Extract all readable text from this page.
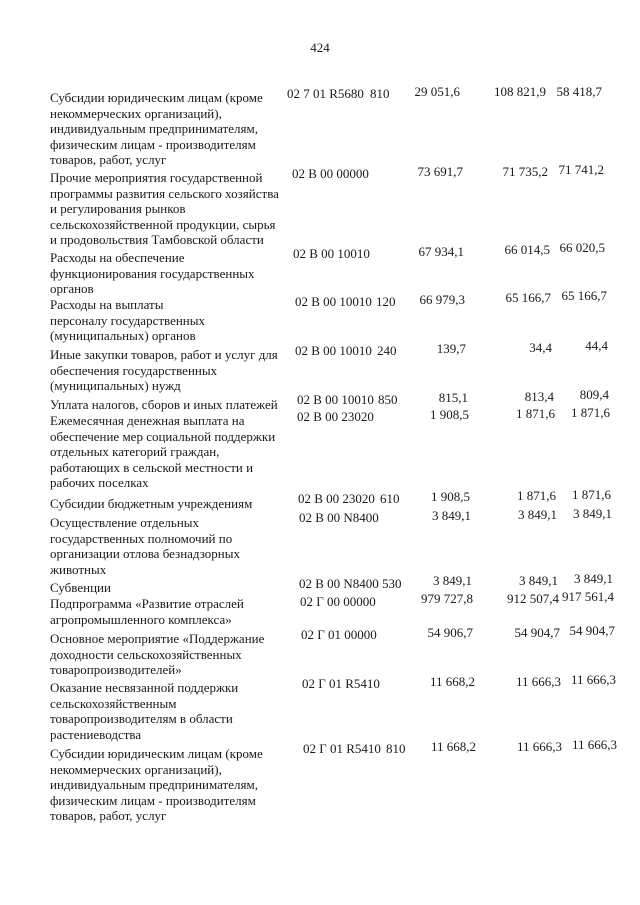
424
Субсидии юридическим лицам (кроме
некоммерческих организаций),
индивидуальным предпринимателям,
физическим лицам - производителям
товаров, работ, услуг
02 7 01 R5680 810	29 051,6	108 821,9 58 418,7
Прочие мероприятия государственной
программы развития сельского хозяйства
и регулирования рынков
сельскохозяйственной продукции, сырья
и продовольствия Тамбовской области
02 В 00 00000	73 691,7	71 735,2 71 741,2
Расходы на обеспечение
функционирования государственных
органов
02 В 00 10010	67 934,1	66 014,5 66 020,5
Расходы на выплаты
персоналу государственных
(муниципальных) органов
02 В 00 10010 120	66 979,3	65 166,7 65 166,7
Иные закупки товаров, работ и услуг для
обеспечения государственных
(муниципальных) нужд
02 В 00 10010 240	139,7	34,4	44,4
Уплата налогов, сборов и иных платежей	02 В 00 10010 850	815,1	813,4	809,4
Ежемесячная денежная выплата на
обеспечение мер социальной поддержки
отдельных категорий граждан,
работающих в сельской местности и
рабочих поселках
02 В 00 23020	1 908,5	1 871,6	1 871,6
Субсидии бюджетным учреждениям	02 В 00 23020 610	1 908,5	1 871,6	1 871,6
Осуществление отдельных
государственных полномочий по
организации отлова безнадзорных
животных
02 В 00 N8400	3 849,1	3 849,1	3 849,1
Субвенции	02 В 00 N8400 530	3 849,1	3 849,1	3 849,1
Подпрограмма «Развитие отраслей
агропромышленного комплекса»
02 Г 00 00000	979 727,8	912 507,4 917 561,4
Основное мероприятие «Поддержание
доходности сельскохозяйственных
товаропроизводителей»
02 Г 01 00000	54 906,7	54 904,7 54 904,7
Оказание несвязанной поддержки
сельскохозяйственным
товаропроизводителям в области
растениеводства
02 Г 01 R5410	11 668,2	11 666,3 11 666,3
Субсидии юридическим лицам (кроме
некоммерческих организаций),
индивидуальным предпринимателям,
физическим лицам - производителям
товаров, работ, услуг
02 Г 01 R5410 810	11 668,2	11 666,3 11 666,3
